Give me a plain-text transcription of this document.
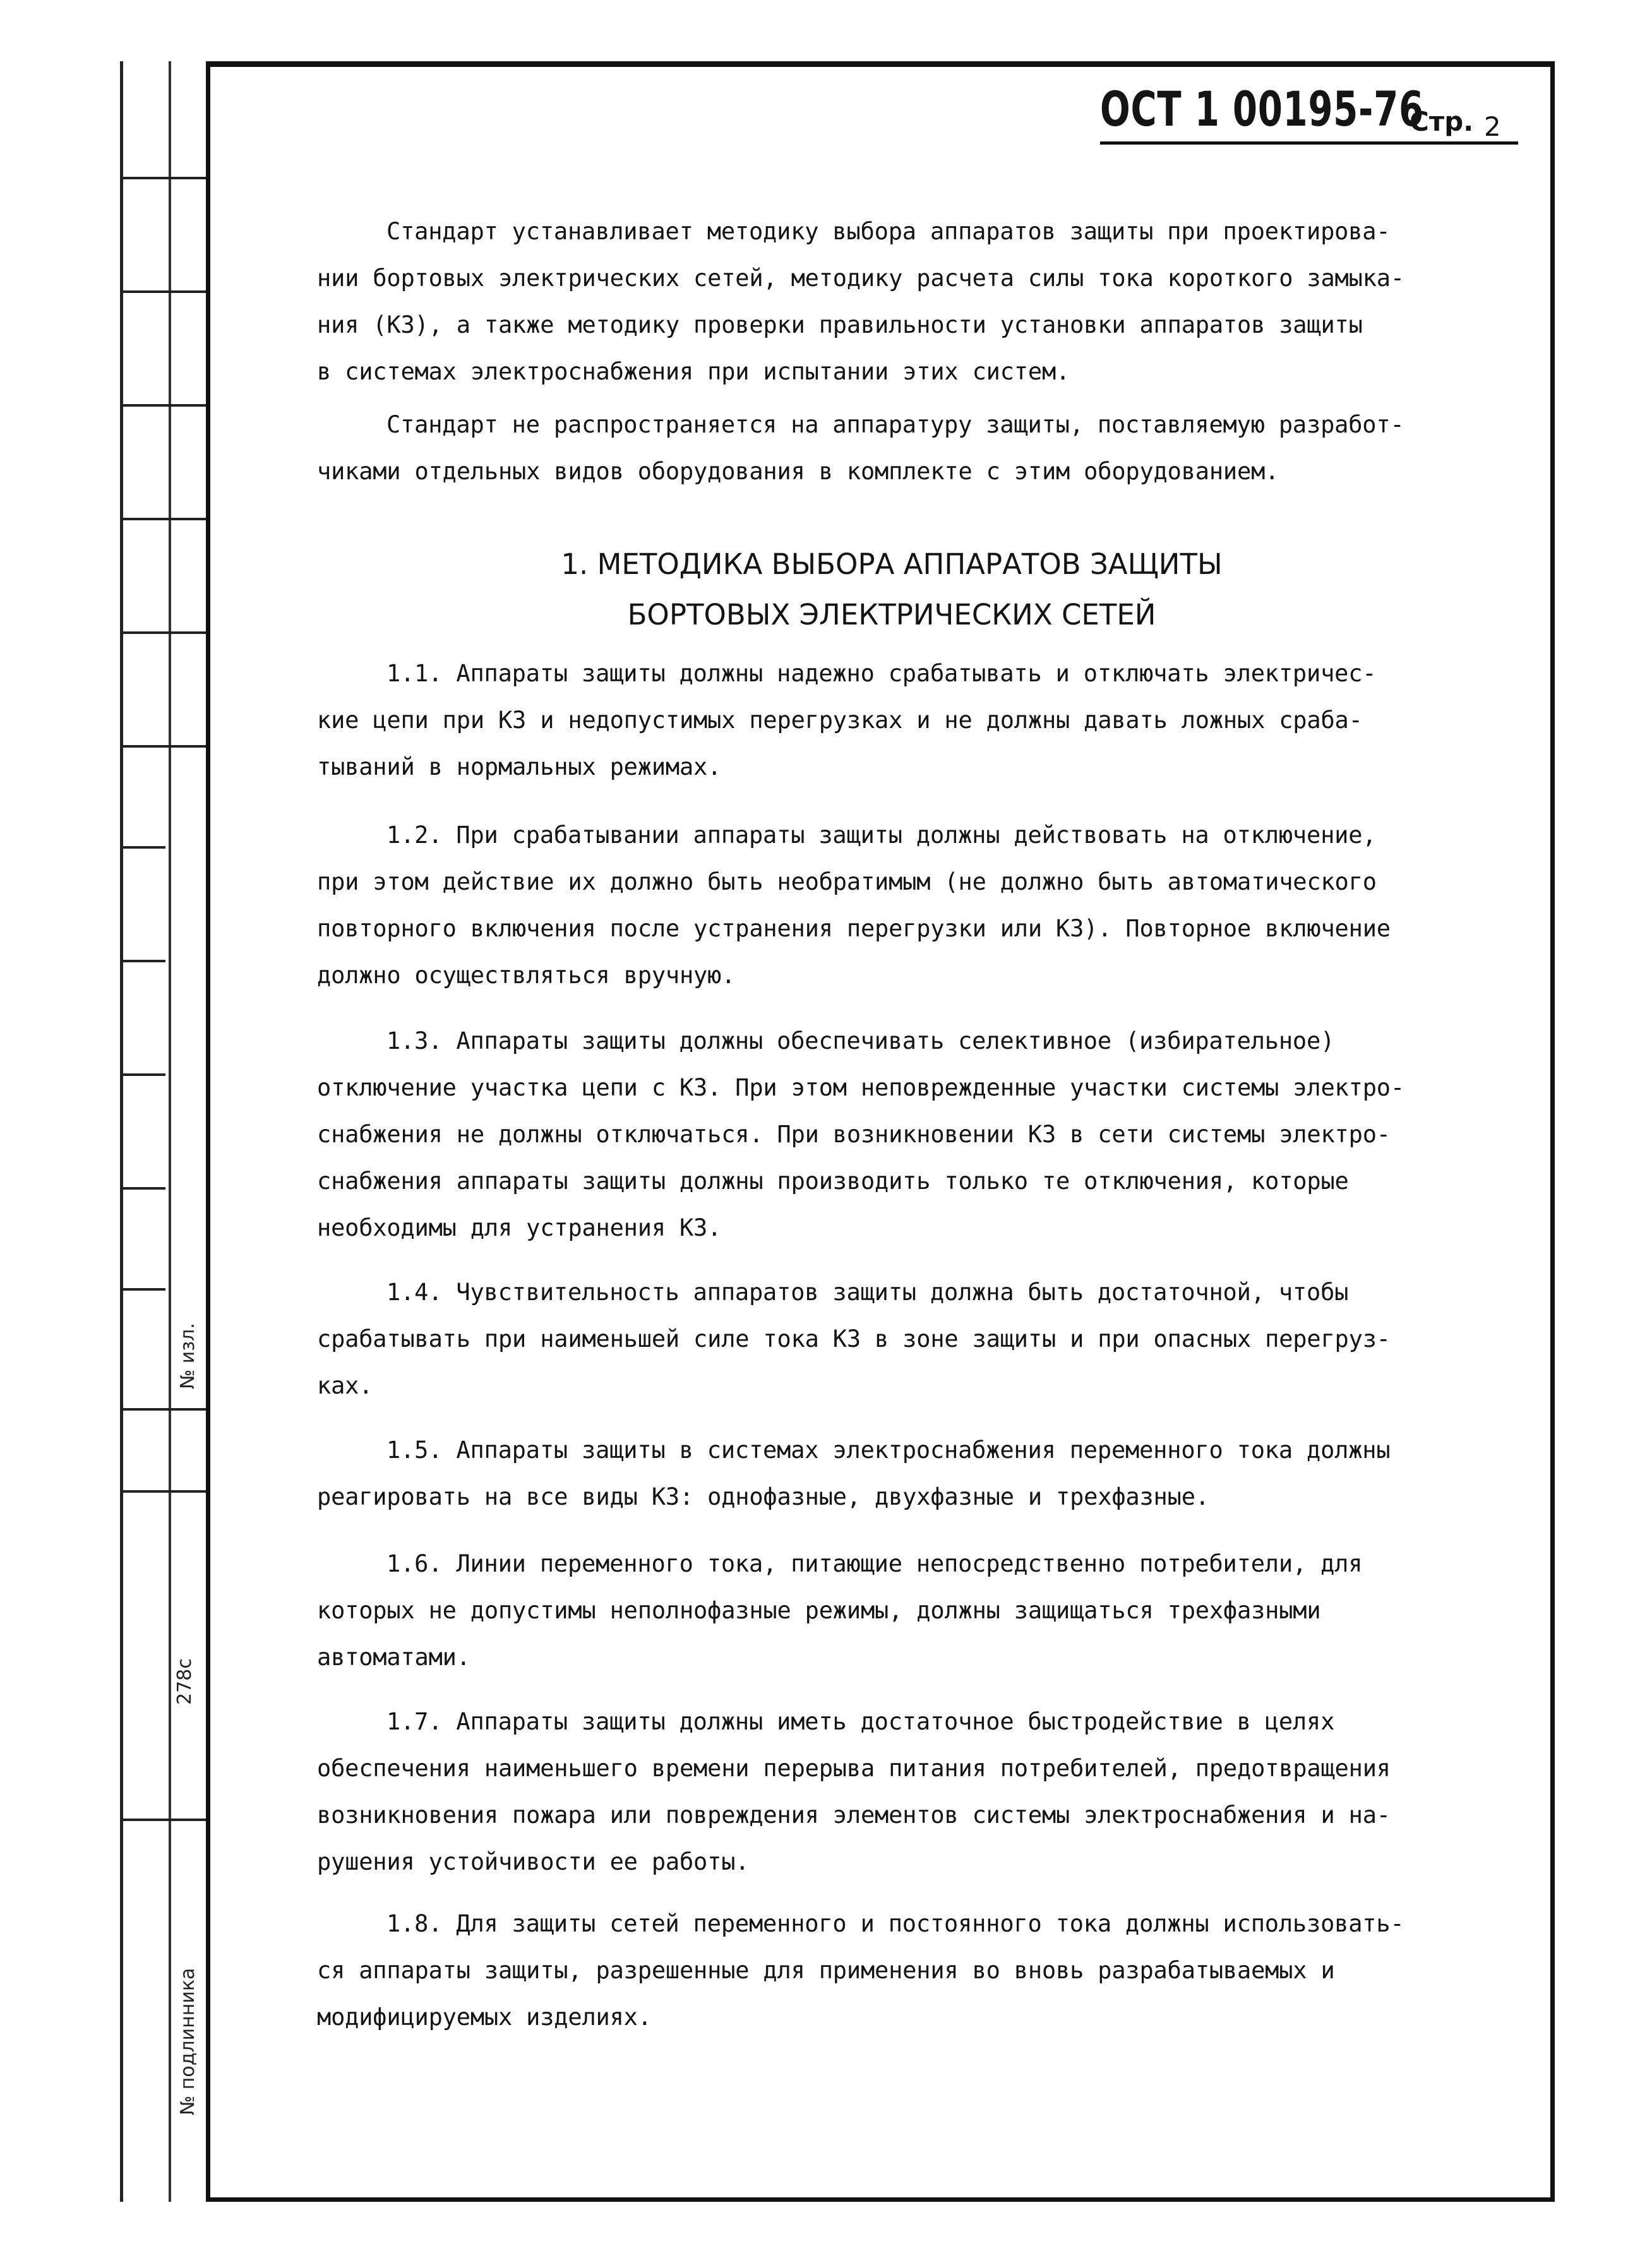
№ изл.
278с
№ подлинника
ОСТ 1 00195-76
Стр. 2
Стандарт устанавливает методику выбора аппаратов защиты при проектирова-
нии бортовых электрических сетей, методику расчета силы тока короткого замыка-
ния (КЗ), а также методику проверки правильности установки аппаратов защиты
в системах электроснабжения при испытании этих систем.
Стандарт не распространяется на аппаратуру защиты, поставляемую разработ-
чиками отдельных видов оборудования в комплекте с этим оборудованием.
1. МЕТОДИКА ВЫБОРА АППАРАТОВ ЗАЩИТЫ
БОРТОВЫХ ЭЛЕКТРИЧЕСКИХ СЕТЕЙ
1.1. Аппараты защиты должны надежно срабатывать и отключать электричес-
кие цепи при КЗ и недопустимых перегрузках и не должны давать ложных сраба-
тываний в нормальных режимах.
1.2. При срабатывании аппараты защиты должны действовать на отключение,
при этом действие их должно быть необратимым (не должно быть автоматического
повторного включения после устранения перегрузки или КЗ). Повторное включение
должно осуществляться вручную.
1.3. Аппараты защиты должны обеспечивать селективное (избирательное)
отключение участка цепи с КЗ. При этом неповрежденные участки системы электро-
снабжения не должны отключаться. При возникновении КЗ в сети системы электро-
снабжения аппараты защиты должны производить только те отключения, которые
необходимы для устранения КЗ.
1.4. Чувствительность аппаратов защиты должна быть достаточной, чтобы
срабатывать при наименьшей силе тока КЗ в зоне защиты и при опасных перегруз-
ках.
1.5. Аппараты защиты в системах электроснабжения переменного тока должны
реагировать на все виды КЗ: однофазные, двухфазные и трехфазные.
1.6. Линии переменного тока, питающие непосредственно потребители, для
которых не допустимы неполнофазные режимы, должны защищаться трехфазными
автоматами.
1.7. Аппараты защиты должны иметь достаточное быстродействие в целях
обеспечения наименьшего времени перерыва питания потребителей, предотвращения
возникновения пожара или повреждения элементов системы электроснабжения и на-
рушения устойчивости ее работы.
1.8. Для защиты сетей переменного и постоянного тока должны использовать-
ся аппараты защиты, разрешенные для применения во вновь разрабатываемых и
модифицируемых изделиях.
